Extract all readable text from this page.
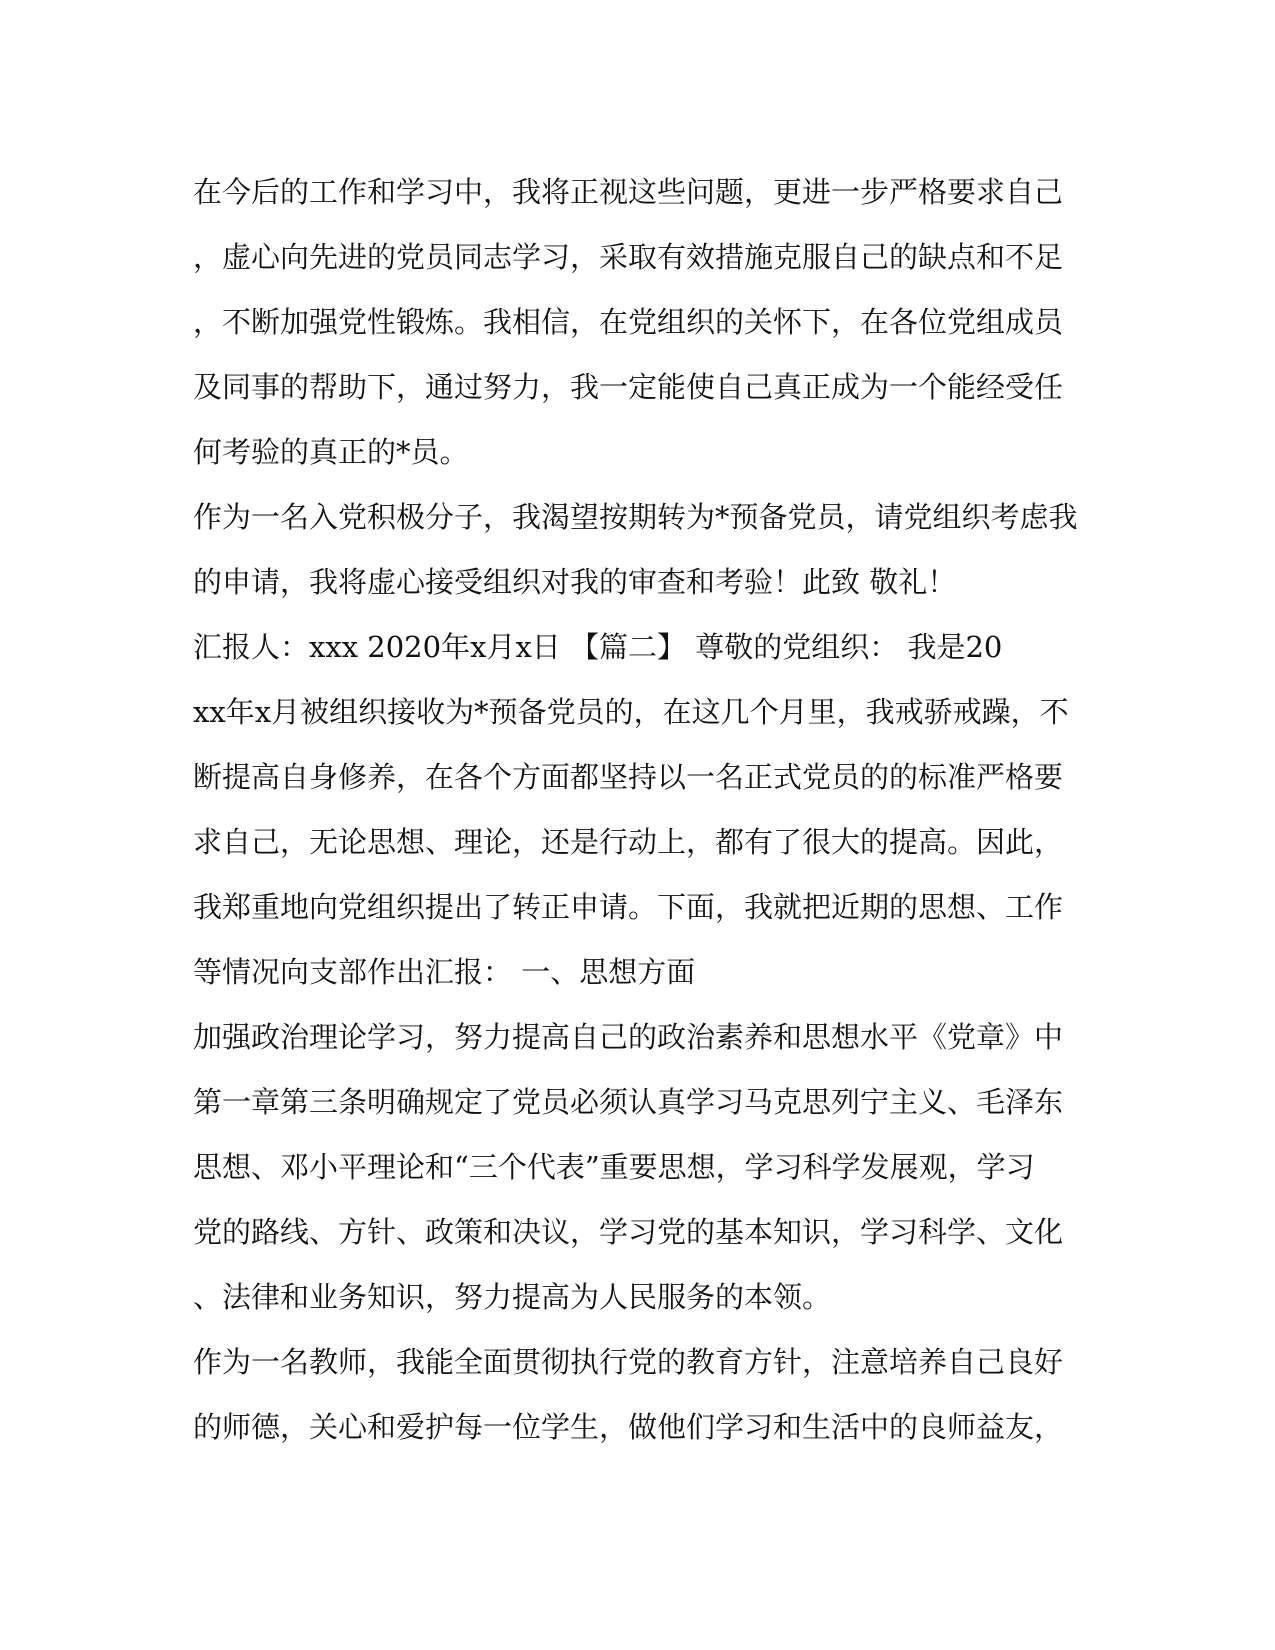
在今后的工作和学习中，我将正视这些问题，更进一步严格要求自己
，虚心向先进的党员同志学习，采取有效措施克服自己的缺点和不足
，不断加强党性锻炼。我相信，在党组织的关怀下，在各位党组成员
及同事的帮助下，通过努力，我一定能使自己真正成为一个能经受任
何考验的真正的*员。
作为一名入党积极分子，我渴望按期转为*预备党员，请党组织考虑我
的申请，我将虚心接受组织对我的审查和考验！此致 敬礼！
汇报人：xxx 2020年x月x日 【篇二】 尊敬的党组织： 我是20
xx年x月被组织接收为*预备党员的，在这几个月里，我戒骄戒躁，不
断提高自身修养，在各个方面都坚持以一名正式党员的的标准严格要
求自己，无论思想、理论，还是行动上，都有了很大的提高。因此，
我郑重地向党组织提出了转正申请。下面，我就把近期的思想、工作
等情况向支部作出汇报： 一、思想方面
加强政治理论学习，努力提高自己的政治素养和思想水平《党章》中
第一章第三条明确规定了党员必须认真学习马克思列宁主义、毛泽东
思想、邓小平理论和“三个代表”重要思想，学习科学发展观，学习
党的路线、方针、政策和决议，学习党的基本知识，学习科学、文化
、法律和业务知识，努力提高为人民服务的本领。
作为一名教师，我能全面贯彻执行党的教育方针，注意培养自己良好
的师德，关心和爱护每一位学生，做他们学习和生活中的良师益友，
